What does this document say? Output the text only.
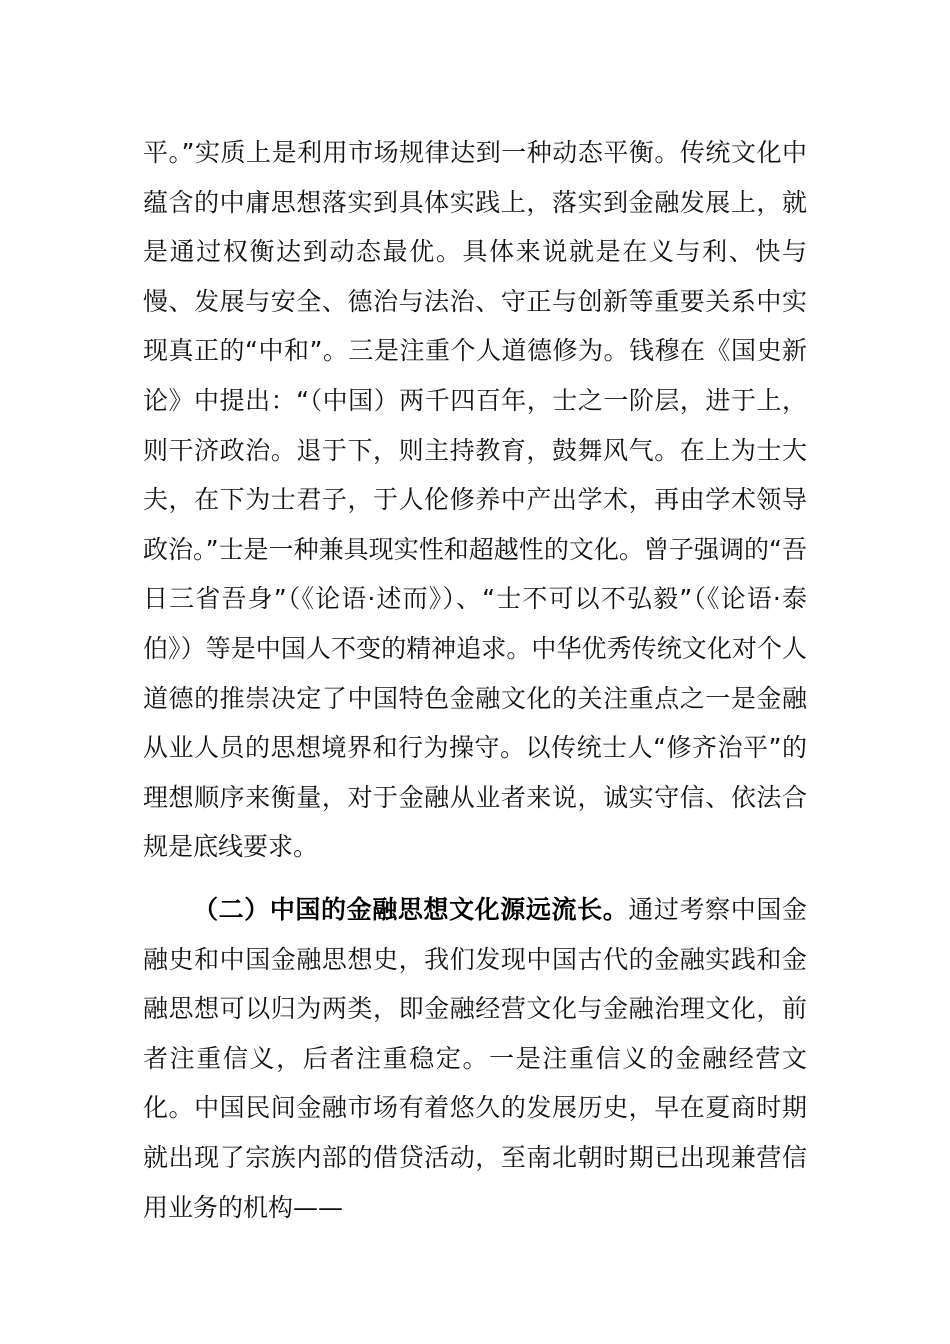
平。”实质上是利用市场规律达到一种动态平衡。传统文化中蕴含的中庸思想落实到具体实践上，落实到金融发展上，就是通过权衡达到动态最优。具体来说就是在义与利、快与慢、发展与安全、德治与法治、守正与创新等重要关系中实现真正的“中和”。三是注重个人道德修为。钱穆在《国史新论》中提出：“（中国）两千四百年，士之一阶层，进于上，则干济政治。退于下，则主持教育，鼓舞风气。在上为士大夫，在下为士君子，于人伦修养中产出学术，再由学术领导政治。”士是一种兼具现实性和超越性的文化。曾子强调的“吾日三省吾身”（《论语·述而》）、“士不可以不弘毅”（《论语·泰伯》）等是中国人不变的精神追求。中华优秀传统文化对个人道德的推崇决定了中国特色金融文化的关注重点之一是金融从业人员的思想境界和行为操守。以传统士人“修齐治平”的理想顺序来衡量，对于金融从业者来说，诚实守信、依法合规是底线要求。

（二）中国的金融思想文化源远流长。通过考察中国金融史和中国金融思想史，我们发现中国古代的金融实践和金融思想可以归为两类，即金融经营文化与金融治理文化，前者注重信义，后者注重稳定。一是注重信义的金融经营文化。中国民间金融市场有着悠久的发展历史，早在夏商时期就出现了宗族内部的借贷活动，至南北朝时期已出现兼营信用业务的机构——
